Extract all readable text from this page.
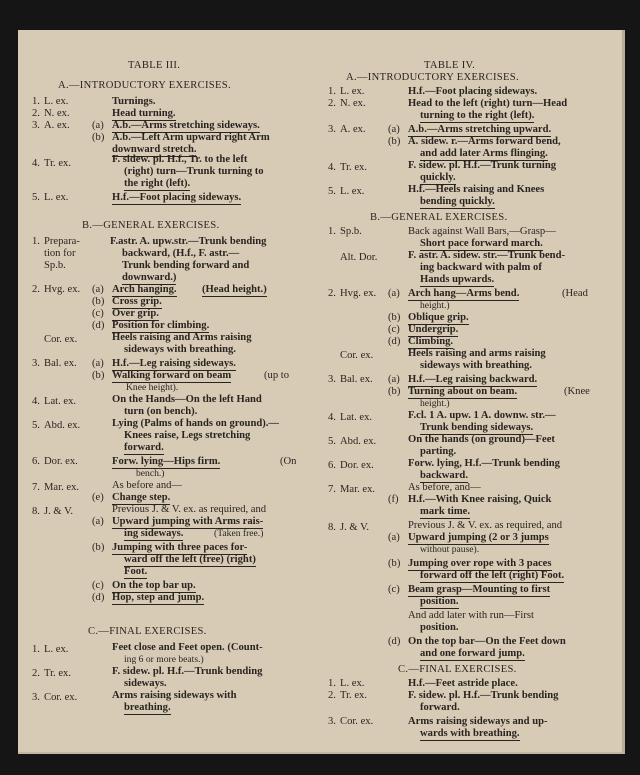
TABLE III.
A.—INTRODUCTORY EXERCISES.
1. L. ex.	Turnings.
2. N. ex.	Head turning.
3. A. ex. (a) A.b.—Arms stretching sideways.
(b) A.b.—Left Arm upward right Arm
downward stretch.
4. Tr. ex.	F. sidew. pl. H.f., Tr. to the left
(right) turn—Trunk turning to
the right (left).
5. L. ex.	H.f.—Foot placing sideways.
B.—GENERAL EXERCISES.
1. Prepara-
tion for
Sp.b.
F.astr. A. upw.str.—Trunk bending
backward, (H.f., F. astr.—
Trunk bending forward and
downward.)
2. Hvg. ex. (a) Arch hanging. (Head height.)
(b) Cross grip.
(c) Over grip.
(d) Position for climbing.
Cor. ex.	Heels raising and Arms raising
sideways with breathing.
3. Bal. ex. (a) H.f.—Leg raising sideways.
(b) Walking forward on beam	(up to
Knee height).
4. Lat. ex.	On the Hands—On the left Hand
turn (on bench).
5. Abd. ex.	Lying (Palms of hands on ground).—
Knees raise, Legs stretching
forward.
6. Dor. ex.	Forw. lying—Hips firm.	(On
bench.)
7. Mar. ex.	As before and—
(e) Change step.
8. J. & V.	Previous J. & V. ex. as required, and
(a) Upward jumping with Arms rais-
ing sideways.	(Taken free.)
(b) Jumping with three paces for-
ward off the left (free) (right)
Foot.
(c) On the top bar up.
(d) Hop, step and jump.
C.—FINAL EXERCISES.
1. L. ex.	Feet close and Feet open. (Count-
ing 6 or more beats.)
2. Tr. ex.	F. sidew. pl. H.f.—Trunk bending
sideways.
3. Cor. ex.	Arms raising sideways with
breathing.
TABLE IV.
A.—INTRODUCTORY EXERCISES.
1. L. ex.	H.f.—Foot placing sideways.
2. N. ex.	Head to the left (right) turn—Head
turning to the right (left).
3. A. ex. (a) A.b.—Arms stretching upward.
(b) A. sidew. r.—Arms forward bend,
and add later Arms flinging.
4. Tr. ex.	F. sidew. pl. H.f.—Trunk turning
quickly.
5. L. ex.	H.f.—Heels raising and Knees
bending quickly.
B.—GENERAL EXERCISES.
1. Sp.b.	Back against Wall Bars,—Grasp—
Short pace forward march.
Alt. Dor.	F. astr. A. sidew. str.—Trunk bend-
ing backward with palm of
Hands upwards.
2. Hvg. ex. (a) Arch hang—Arms bend.	(Head
height.)
(b) Oblique grip.
(c) Undergrip.
(d) Climbing.
Cor. ex.	Heels raising and arms raising
sideways with breathing.
3. Bal. ex. (a) H.f.—Leg raising backward.
(b) Turning about on beam.	(Knee
height.)
4. Lat. ex.	F.cl. 1 A. upw. 1 A. downw. str.—
Trunk bending sideways.
5. Abd. ex.	On the hands (on ground)—Feet
parting.
6. Dor. ex.	Forw. lying, H.f.—Trunk bending
backward.
7. Mar. ex.	As before, and—
(f) H.f.—With Knee raising, Quick
mark time.
8. J. & V.	Previous J. & V. ex. as required, and
(a) Upward jumping (2 or 3 jumps
without pause).
(b) Jumping over rope with 3 paces
forward off the left (right) Foot.
(c) Beam grasp—Mounting to first
position.
And add later with run—First
position.
(d) On the top bar—On the Feet down
and one forward jump.
C.—FINAL EXERCISES.
1. L. ex.	H.f.—Feet astride place.
2. Tr. ex.	F. sidew. pl. H.f.—Trunk bending
forward.
3. Cor. ex.	Arms raising sideways and up-
wards with breathing.
